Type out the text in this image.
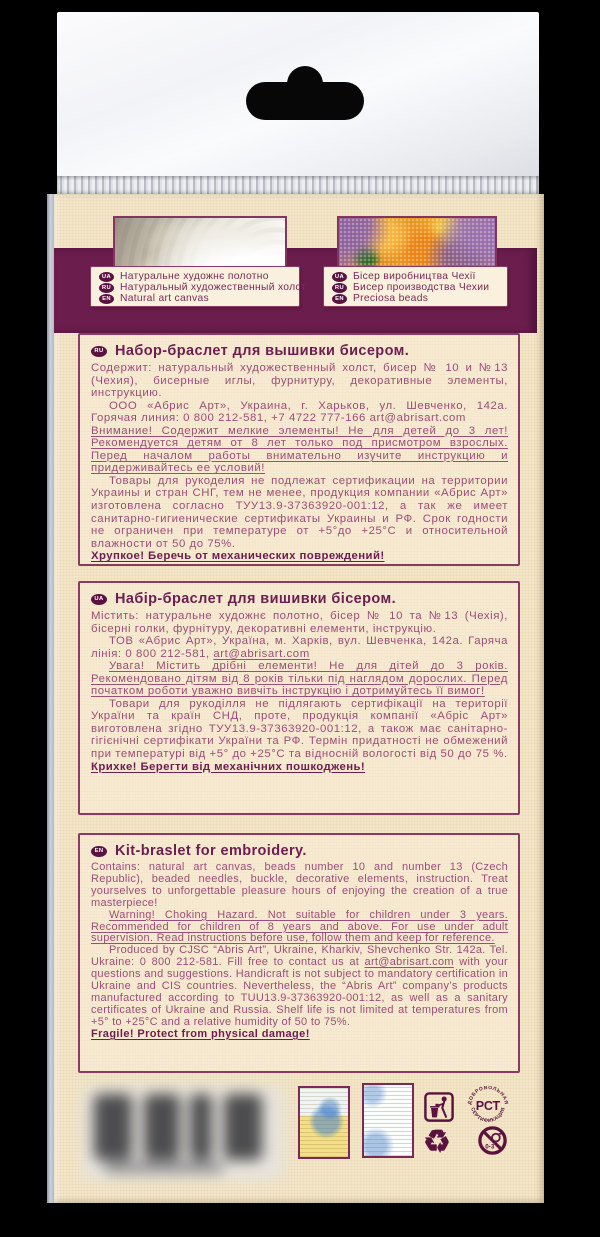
UA Натуральне художнє полотно
RU Натуральный художественный холст
EN Natural art canvas
UA Бісер виробництва Чехії
RU Бисер производства Чехии
EN Preciosa beads
RU Набор-браслет для вышивки бисером.
Содержит: натуральный художественный холст, бисер № 10 и №13 (Чехия), бисерные иглы, фурнитуру, декоративные элементы, инструкцию.
ООО «Абрис Арт», Украина, г. Харьков, ул. Шевченко, 142а. Горячая линия: 0 800 212-581, +7 4722 777-166 art@abrisart.com
Внимание! Содержит мелкие элементы! Не для детей до 3 лет! Рекомендуется детям от 8 лет только под присмотром взрослых. Перед началом работы внимательно изучите инструкцию и придерживайтесь ее условий!
Товары для рукоделия не подлежат сертификации на территории Украины и стран СНГ, тем не менее, продукция компании «Абрис Арт» изготовлена согласно ТУУ13.9-37363920-001:12, а так же имеет санитарно-гигиенические сертификаты Украины и РФ. Срок годности не ограничен при температуре от +5°до +25°С и относительной влажности от 50 до 75%.
Хрупкое! Беречь от механических повреждений!
UA Набір-браслет для вишивки бісером.
Містить: натуральне художнє полотно, бісер № 10 та №13 (Чехія), бісерні голки, фурнітуру, декоративні елементи, інструкцію.
ТОВ «Абрис Арт», Україна, м. Харків, вул. Шевченка, 142а. Гаряча лінія: 0 800 212-581, art@abrisart.com
Увага! Містить дрібні елементи! Не для дітей до 3 років. Рекомендовано дітям від 8 років тільки під наглядом дорослих. Перед початком роботи уважно вивчіть інструкцію і дотримуйтесь її вимог!
Товари для рукоділля не підлягають сертифікації на території України та країн СНД, проте, продукція компанії «Абріс Арт» виготовлена згідно ТУУ13.9-37363920-001:12, а також має санітарно-гігієнічні сертифікати України та РФ. Термін придатності не обмежений при температурі від +5° до +25°С та відносній вологості від 50 до 75 %.
Крихке! Берегти від механічних пошкоджень!
EN Kit-braslet for embroidery.
Contains: natural art canvas, beads number 10 and number 13 (Czech Republic), beaded needles, buckle, decorative elements, instruction. Treat yourselves to unforgettable pleasure hours of enjoying the creation of a true masterpiece!
Warning! Choking Hazard. Not suitable for children under 3 years. Recommended for children of 8 years and above. For use under adult supervision. Read instructions before use, follow them and keep for reference.
Produced by CJSC “Abris Art”, Ukraine, Kharkiv, Shevchenko Str. 142a. Tel. Ukraine: 0 800 212-581. Fill free to contact us at art@abrisart.com with your questions and suggestions. Handicraft is not subject to mandatory certification in Ukraine and CIS countries. Nevertheless, the “Abris Art” company’s products manufactured according to TUU13.9-37363920-001:12, as well as a sanitary certificates of Ukraine and Russia. Shelf life is not limited at temperatures from +5° to +25°C and a relative humidity of 50 to 75%.
Fragile! Protect from physical damage!
♻
ДОБРОВОЛЬНАЯ
СЕРТИФИКАЦИЯ
РСТ
0-3
